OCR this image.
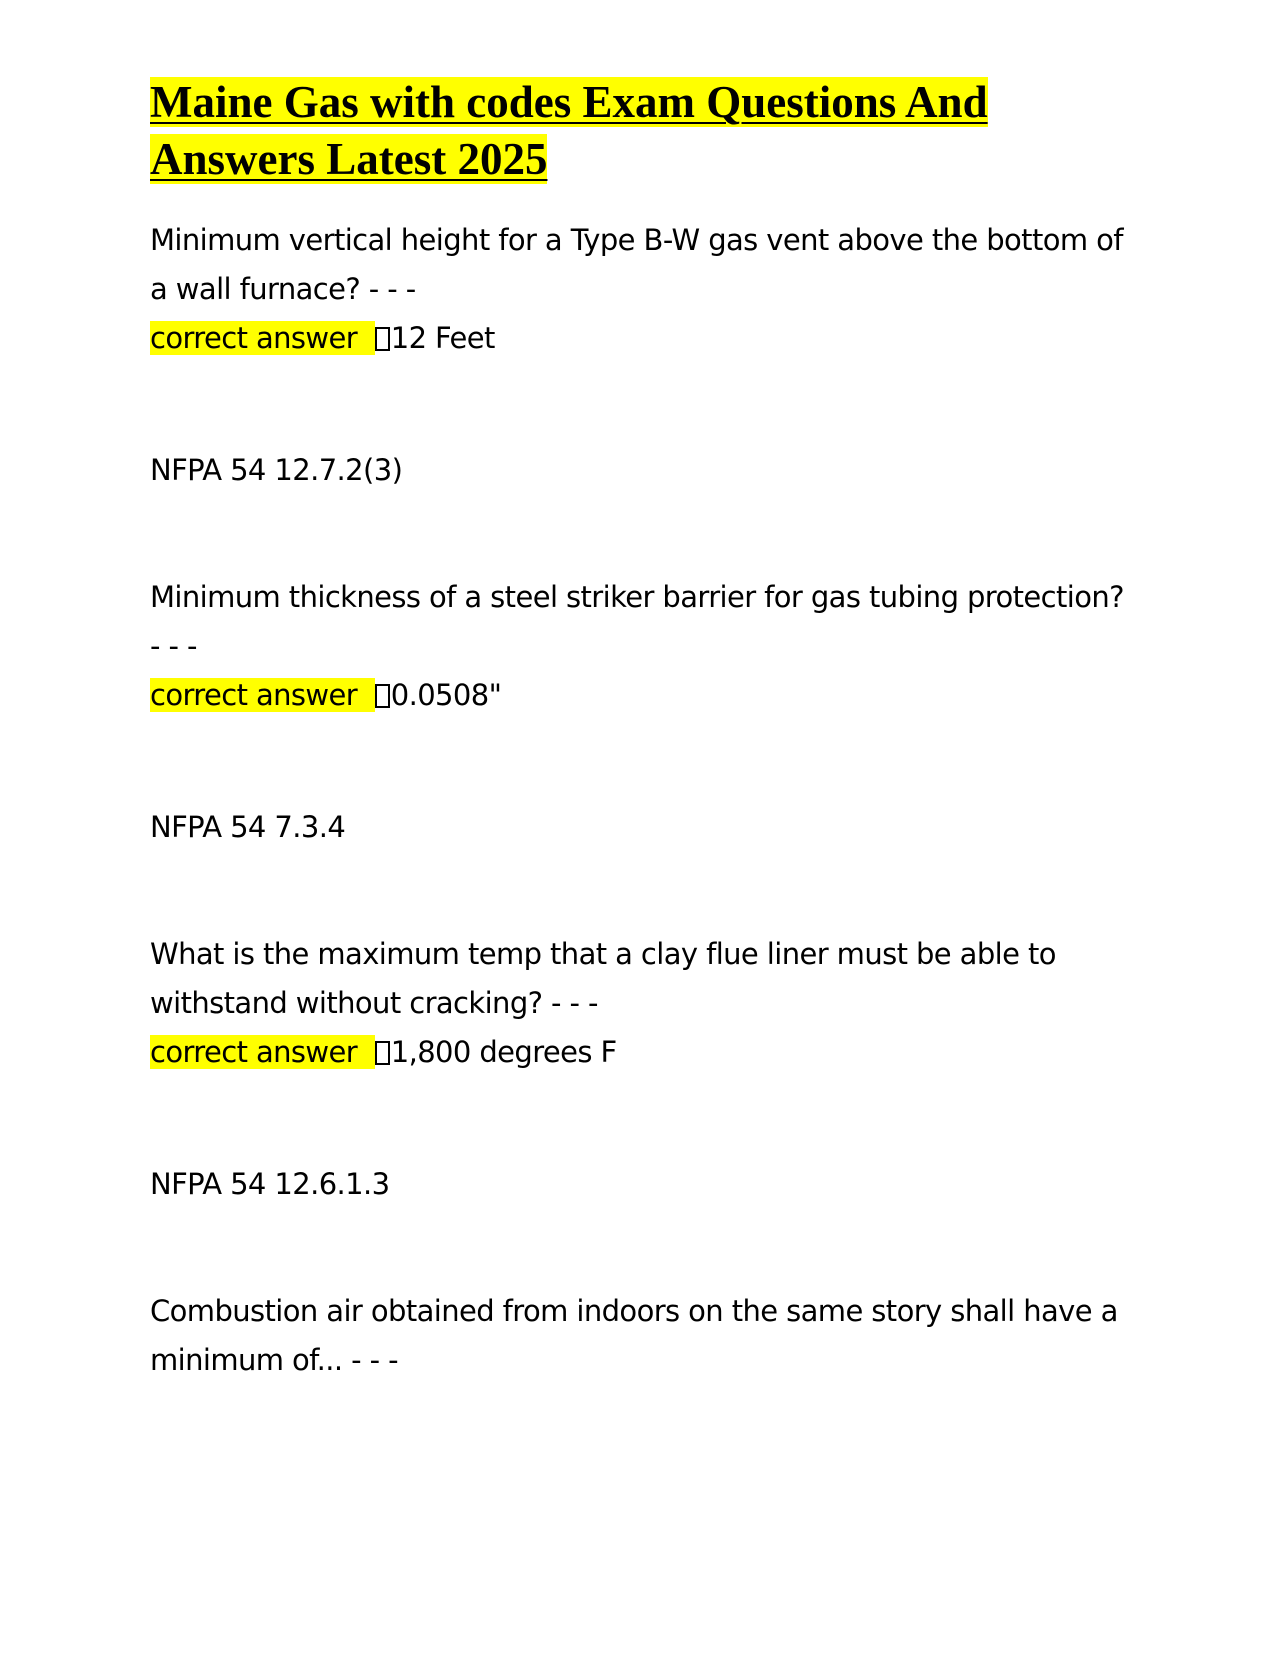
Maine Gas with codes Exam Questions And
Answers Latest 2025

Minimum vertical height for a Type B-W gas vent above the bottom of a wall furnace? - - -

correct answer 12 Feet

NFPA 54 12.7.2(3)

Minimum thickness of a steel striker barrier for gas tubing protection? - - -

correct answer 0.0508"

NFPA 54 7.3.4

What is the maximum temp that a clay flue liner must be able to withstand without cracking? - - -

correct answer 1,800 degrees F

NFPA 54 12.6.1.3

Combustion air obtained from indoors on the same story shall have a minimum of... - - -
